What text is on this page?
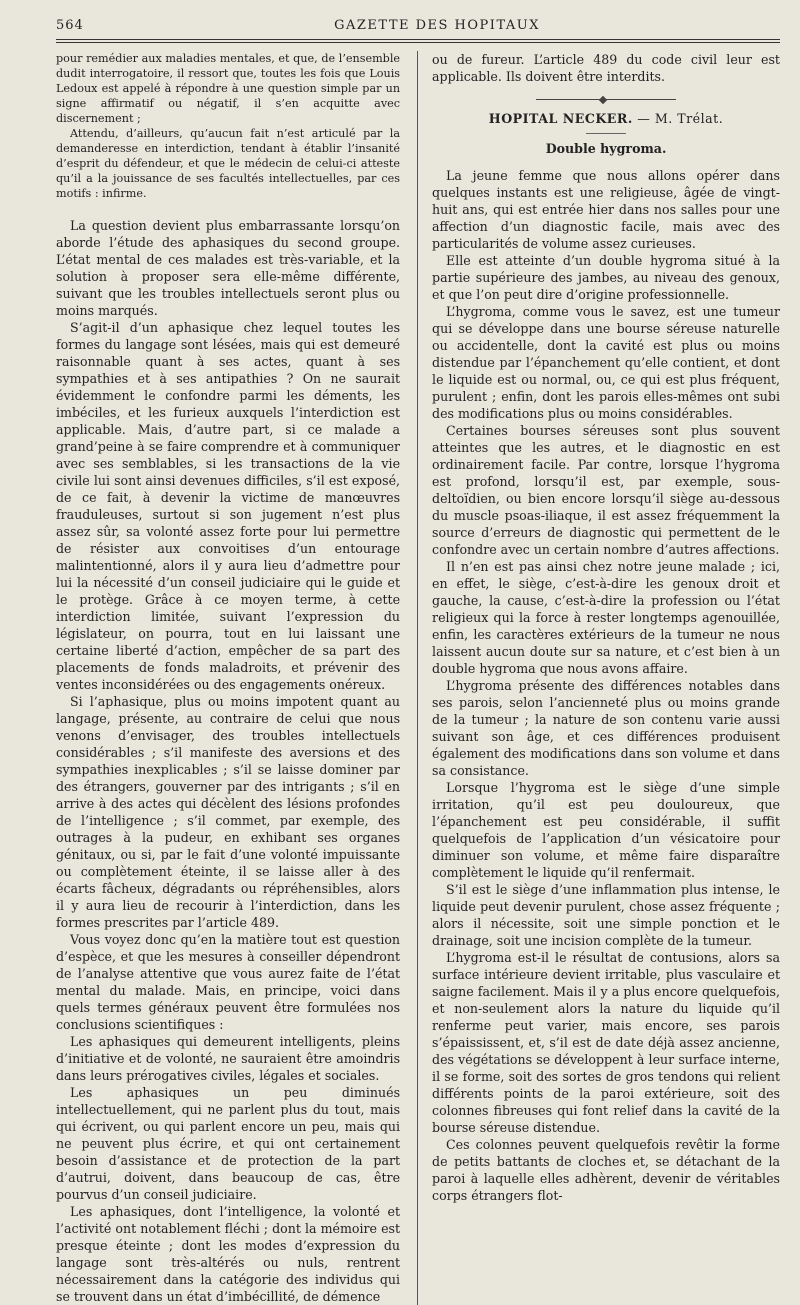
564	GAZETTE DES HOPITAUX

pour remédier aux maladies mentales, et que, de l’ensemble dudit interrogatoire, il ressort que, toutes les fois que Louis Ledoux est appelé à répondre à une question simple par un signe affirmatif ou négatif, il s’en acquitte avec discernement ;

Attendu, d’ailleurs, qu’aucun fait n’est articulé par la demanderesse en interdiction, tendant à établir l’insanité d’esprit du défendeur, et que le médecin de celui-ci atteste qu’il a la jouissance de ses facultés intellectuelles, par ces motifs : infirme.

La question devient plus embarrassante lorsqu’on aborde l’étude des aphasiques du second groupe. L’état mental de ces malades est très-variable, et la solution à proposer sera elle-même différente, suivant que les troubles intellectuels seront plus ou moins marqués.

S’agit-il d’un aphasique chez lequel toutes les formes du langage sont lésées, mais qui est demeuré raisonnable quant à ses actes, quant à ses sympathies et à ses antipathies ? On ne saurait évidemment le confondre parmi les déments, les imbéciles, et les furieux auxquels l’interdiction est applicable. Mais, d’autre part, si ce malade a grand’peine à se faire comprendre et à communiquer avec ses semblables, si les transactions de la vie civile lui sont ainsi devenues difficiles, s’il est exposé, de ce fait, à devenir la victime de manœuvres frauduleuses, surtout si son jugement n’est plus assez sûr, sa volonté assez forte pour lui permettre de résister aux convoitises d’un entourage malintentionné, alors il y aura lieu d’admettre pour lui la nécessité d’un conseil judiciaire qui le guide et le protège. Grâce à ce moyen terme, à cette interdiction limitée, suivant l’expression du législateur, on pourra, tout en lui laissant une certaine liberté d’action, empêcher de sa part des placements de fonds maladroits, et prévenir des ventes inconsidérées ou des engagements onéreux.

Si l’aphasique, plus ou moins impotent quant au langage, présente, au contraire de celui que nous venons d’envisager, des troubles intellectuels considérables ; s’il manifeste des aversions et des sympathies inexplicables ; s’il se laisse dominer par des étrangers, gouverner par des intrigants ; s’il en arrive à des actes qui décèlent des lésions profondes de l’intelligence ; s’il commet, par exemple, des outrages à la pudeur, en exhibant ses organes génitaux, ou si, par le fait d’une volonté impuissante ou complètement éteinte, il se laisse aller à des écarts fâcheux, dégradants ou répréhensibles, alors il y aura lieu de recourir à l’interdiction, dans les formes prescrites par l’article 489.

Vous voyez donc qu’en la matière tout est question d’espèce, et que les mesures à conseiller dépendront de l’analyse attentive que vous aurez faite de l’état mental du malade. Mais, en principe, voici dans quels termes généraux peuvent être formulées nos conclusions scientifiques :

Les aphasiques qui demeurent intelligents, pleins d’initiative et de volonté, ne sauraient être amoindris dans leurs prérogatives civiles, légales et sociales.

Les aphasiques un peu diminués intellectuellement, qui ne parlent plus du tout, mais qui écrivent, ou qui parlent encore un peu, mais qui ne peuvent plus écrire, et qui ont certainement besoin d’assistance et de protection de la part d’autrui, doivent, dans beaucoup de cas, être pourvus d’un conseil judiciaire.

Les aphasiques, dont l’intelligence, la volonté et l’activité ont notablement fléchi ; dont la mémoire est presque éteinte ; dont les modes d’expression du langage sont très-altérés ou nuls, rentrent nécessairement dans la catégorie des individus qui se trouvent dans un état d’imbécillité, de démence

ou de fureur. L’article 489 du code civil leur est applicable. Ils doivent être interdits.

HOPITAL NECKER. — M. Trélat.
Double hygroma.

La jeune femme que nous allons opérer dans quelques instants est une religieuse, âgée de vingt-huit ans, qui est entrée hier dans nos salles pour une affection d’un diagnostic facile, mais avec des particularités de volume assez curieuses.

Elle est atteinte d’un double hygroma situé à la partie supérieure des jambes, au niveau des genoux, et que l’on peut dire d’origine professionnelle.

L’hygroma, comme vous le savez, est une tumeur qui se développe dans une bourse séreuse naturelle ou accidentelle, dont la cavité est plus ou moins distendue par l’épanchement qu’elle contient, et dont le liquide est ou normal, ou, ce qui est plus fréquent, purulent ; enfin, dont les parois elles-mêmes ont subi des modifications plus ou moins considérables.

Certaines bourses séreuses sont plus souvent atteintes que les autres, et le diagnostic en est ordinairement facile. Par contre, lorsque l’hygroma est profond, lorsqu’il est, par exemple, sous-deltoïdien, ou bien encore lorsqu’il siège au-dessous du muscle psoas-iliaque, il est assez fréquemment la source d’erreurs de diagnostic qui permettent de le confondre avec un certain nombre d’autres affections.

Il n’en est pas ainsi chez notre jeune malade ; ici, en effet, le siège, c’est-à-dire les genoux droit et gauche, la cause, c’est-à-dire la profession ou l’état religieux qui la force à rester longtemps agenouillée, enfin, les caractères extérieurs de la tumeur ne nous laissent aucun doute sur sa nature, et c’est bien à un double hygroma que nous avons affaire.

L’hygroma présente des différences notables dans ses parois, selon l’ancienneté plus ou moins grande de la tumeur ; la nature de son contenu varie aussi suivant son âge, et ces différences produisent également des modifications dans son volume et dans sa consistance.

Lorsque l’hygroma est le siège d’une simple irritation, qu’il est peu douloureux, que l’épanchement est peu considérable, il suffit quelquefois de l’application d’un vésicatoire pour diminuer son volume, et même faire disparaître complètement le liquide qu’il renfermait.

S’il est le siège d’une inflammation plus intense, le liquide peut devenir purulent, chose assez fréquente ; alors il nécessite, soit une simple ponction et le drainage, soit une incision complète de la tumeur.

L’hygroma est-il le résultat de contusions, alors sa surface intérieure devient irritable, plus vasculaire et saigne facilement. Mais il y a plus encore quelquefois, et non-seulement alors la nature du liquide qu’il renferme peut varier, mais encore, ses parois s’épaississent, et, s’il est de date déjà assez ancienne, des végétations se développent à leur surface interne, il se forme, soit des sortes de gros tendons qui relient différents points de la paroi extérieure, soit des colonnes fibreuses qui font relief dans la cavité de la bourse séreuse distendue.

Ces colonnes peuvent quelquefois revêtir la forme de petits battants de cloches et, se détachant de la paroi à laquelle elles adhèrent, devenir de véritables corps étrangers flot-
